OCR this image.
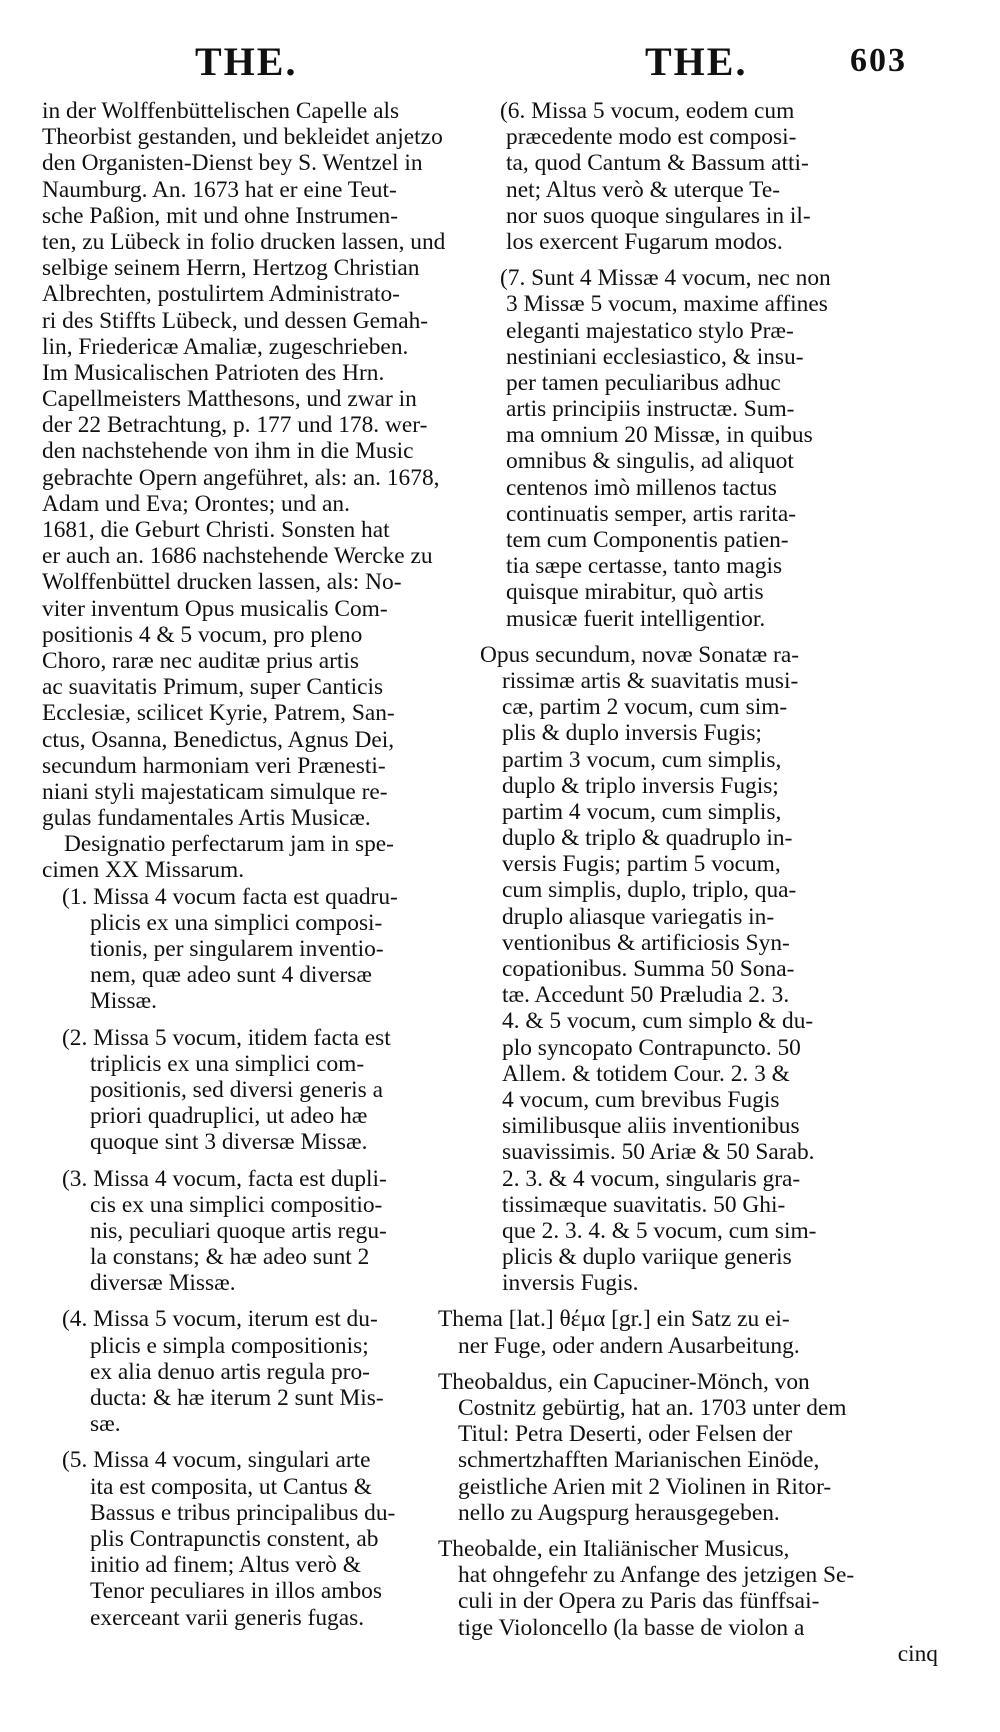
THE.	THE.	603
in der Wolffenbüttelischen Capelle als
Theorbist gestanden, und bekleidet anjetzo
den Organisten-Dienst bey S. Wentzel in
Naumburg. An. 1673 hat er eine Teut-
sche Paßion, mit und ohne Instrumen-
ten, zu Lübeck in folio drucken lassen, und
selbige seinem Herrn, Hertzog Christian
Albrechten, postulirtem Administrato-
ri des Stiffts Lübeck, und dessen Gemah-
lin, Friedericæ Amaliæ, zugeschrieben.
Im Musicalischen Patrioten des Hrn.
Capellmeisters Matthesons, und zwar in
der 22 Betrachtung, p. 177 und 178. wer-
den nachstehende von ihm in die Music
gebrachte Opern angeführet, als: an. 1678,
Adam und Eva; Orontes; und an.
1681, die Geburt Christi. Sonsten hat
er auch an. 1686 nachstehende Wercke zu
Wolffenbüttel drucken lassen, als: No-
viter inventum Opus musicalis Com-
positionis 4 & 5 vocum, pro pleno
Choro, raræ nec auditæ prius artis
ac suavitatis Primum, super Canticis
Ecclesiæ, scilicet Kyrie, Patrem, San-
ctus, Osanna, Benedictus, Agnus Dei,
secundum harmoniam veri Prænesti-
niani styli majestaticam simulque re-
gulas fundamentales Artis Musicæ.
Designatio perfectarum jam in spe-
cimen XX Missarum.
(1. Missa 4 vocum facta est quadru-
plicis ex una simplici composi-
tionis, per singularem inventio-
nem, quæ adeo sunt 4 diversæ
Missæ.
(2. Missa 5 vocum, itidem facta est
triplicis ex una simplici com-
positionis, sed diversi generis a
priori quadruplici, ut adeo hæ
quoque sint 3 diversæ Missæ.
(3. Missa 4 vocum, facta est dupli-
cis ex una simplici compositio-
nis, peculiari quoque artis regu-
la constans; & hæ adeo sunt 2
diversæ Missæ.
(4. Missa 5 vocum, iterum est du-
plicis e simpla compositionis;
ex alia denuo artis regula pro-
ducta: & hæ iterum 2 sunt Mis-
sæ.
(5. Missa 4 vocum, singulari arte
ita est composita, ut Cantus &
Bassus e tribus principalibus du-
plis Contrapunctis constent, ab
initio ad finem; Altus verò &
Tenor peculiares in illos ambos
exerceant varii generis fugas.
(6. Missa 5 vocum, eodem cum
præcedente modo est composi-
ta, quod Cantum & Bassum atti-
net; Altus verò & uterque Te-
nor suos quoque singulares in il-
los exercent Fugarum modos.
(7. Sunt 4 Missæ 4 vocum, nec non
3 Missæ 5 vocum, maxime affines
eleganti majestatico stylo Præ-
nestiniani ecclesiastico, & insu-
per tamen peculiaribus adhuc
artis principiis instructæ. Sum-
ma omnium 20 Missæ, in quibus
omnibus & singulis, ad aliquot
centenos imò millenos tactus
continuatis semper, artis rarita-
tem cum Componentis patien-
tia sæpe certasse, tanto magis
quisque mirabitur, quò artis
musicæ fuerit intelligentior.
Opus secundum, novæ Sonatæ ra-
rissimæ artis & suavitatis musi-
cæ, partim 2 vocum, cum sim-
plis & duplo inversis Fugis;
partim 3 vocum, cum simplis,
duplo & triplo inversis Fugis;
partim 4 vocum, cum simplis,
duplo & triplo & quadruplo in-
versis Fugis; partim 5 vocum,
cum simplis, duplo, triplo, qua-
druplo aliasque variegatis in-
ventionibus & artificiosis Syn-
copationibus. Summa 50 Sona-
tæ. Accedunt 50 Præludia 2. 3.
4. & 5 vocum, cum simplo & du-
plo syncopato Contrapuncto. 50
Allem. & totidem Cour. 2. 3 &
4 vocum, cum brevibus Fugis
similibusque aliis inventionibus
suavissimis. 50 Ariæ & 50 Sarab.
2. 3. & 4 vocum, singularis gra-
tissimæque suavitatis. 50 Ghi-
que 2. 3. 4. & 5 vocum, cum sim-
plicis & duplo variique generis
inversis Fugis.
Thema [lat.] θέμα [gr.] ein Satz zu ei-
ner Fuge, oder andern Ausarbeitung.
Theobaldus, ein Capuciner-Mönch, von
Costnitz gebürtig, hat an. 1703 unter dem
Titul: Petra Deserti, oder Felsen der
schmertzhafften Marianischen Einöde,
geistliche Arien mit 2 Violinen in Ritor-
nello zu Augspurg herausgegeben.
Theobalde, ein Italiänischer Musicus,
hat ohngefehr zu Anfange des jetzigen Se-
culi in der Opera zu Paris das fünffsai-
tige Violoncello (la basse de violon a
cinq
